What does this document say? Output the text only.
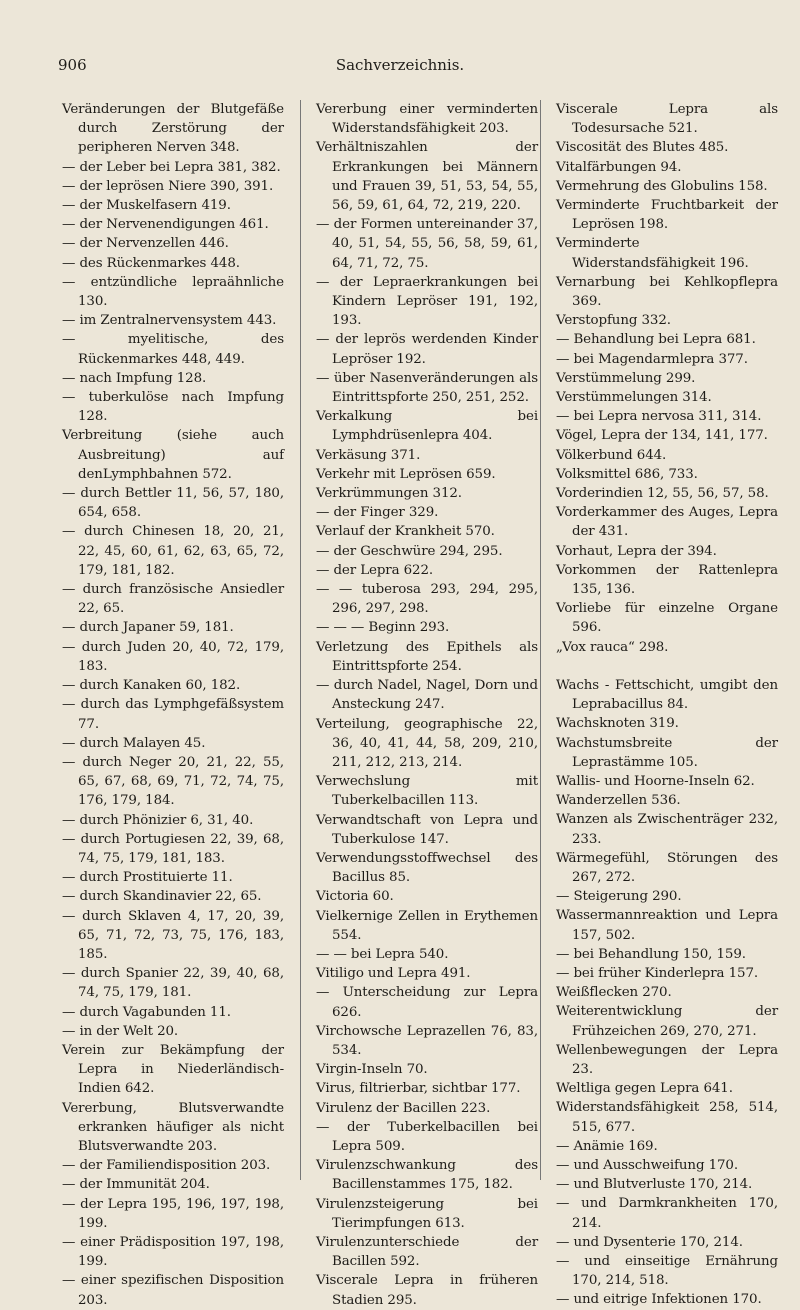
906	Sachverzeichnis.
Veränderungen der Blutgefäße durch Zerstörung der peripheren Nerven 348.
— der Leber bei Lepra 381, 382.
— der leprösen Niere 390, 391.
— der Muskelfasern 419.
— der Nervenendigungen 461.
— der Nervenzellen 446.
— des Rückenmarkes 448.
— entzündliche lepraähnliche 130.
— im Zentralnervensystem 443.
— myelitische, des Rückenmarkes 448, 449.
— nach Impfung 128.
— tuberkulöse nach Impfung 128.
Verbreitung (siehe auch Ausbreitung) auf denLymphbahnen 572.
— durch Bettler 11, 56, 57, 180, 654, 658.
— durch Chinesen 18, 20, 21, 22, 45, 60, 61, 62, 63, 65, 72, 179, 181, 182.
— durch französische Ansiedler 22, 65.
— durch Japaner 59, 181.
— durch Juden 20, 40, 72, 179, 183.
— durch Kanaken 60, 182.
— durch das Lymphgefäßsystem 77.
— durch Malayen 45.
— durch Neger 20, 21, 22, 55, 65, 67, 68, 69, 71, 72, 74, 75, 176, 179, 184.
— durch Phönizier 6, 31, 40.
— durch Portugiesen 22, 39, 68, 74, 75, 179, 181, 183.
— durch Prostituierte 11.
— durch Skandinavier 22, 65.
— durch Sklaven 4, 17, 20, 39, 65, 71, 72, 73, 75, 176, 183, 185.
— durch Spanier 22, 39, 40, 68, 74, 75, 179, 181.
— durch Vagabunden 11.
— in der Welt 20.
Verein zur Bekämpfung der Lepra in Niederländisch-Indien 642.
Vererbung, Blutsverwandte erkranken häufiger als nicht Blutsverwandte 203.
— der Familiendisposition 203.
— der Immunität 204.
— der Lepra 195, 196, 197, 198, 199.
— einer Prädisposition 197, 198, 199.
— einer spezifischen Disposition 203.
Vererbung einer verminderten Widerstandsfähigkeit 203.
Verhältniszahlen der Erkrankungen bei Männern und Frauen 39, 51, 53, 54, 55, 56, 59, 61, 64, 72, 219, 220.
— der Formen untereinander 37, 40, 51, 54, 55, 56, 58, 59, 61, 64, 71, 72, 75.
— der Lepraerkrankungen bei Kindern Lepröser 191, 192, 193.
— der leprös werdenden Kinder Lepröser 192.
— über Nasenveränderungen als Eintrittspforte 250, 251, 252.
Verkalkung bei Lymphdrüsenlepra 404.
Verkäsung 371.
Verkehr mit Leprösen 659.
Verkrümmungen 312.
— der Finger 329.
Verlauf der Krankheit 570.
— der Geschwüre 294, 295.
— der Lepra 622.
— — tuberosa 293, 294, 295, 296, 297, 298.
— — — Beginn 293.
Verletzung des Epithels als Eintrittspforte 254.
— durch Nadel, Nagel, Dorn und Ansteckung 247.
Verteilung, geographische 22, 36, 40, 41, 44, 58, 209, 210, 211, 212, 213, 214.
Verwechslung mit Tuberkelbacillen 113.
Verwandtschaft von Lepra und Tuberkulose 147.
Verwendungsstoffwechsel des Bacillus 85.
Victoria 60.
Vielkernige Zellen in Erythemen 554.
— — bei Lepra 540.
Vitiligo und Lepra 491.
— Unterscheidung zur Lepra 626.
Virchowsche Leprazellen 76, 83, 534.
Virgin-Inseln 70.
Virus, filtrierbar, sichtbar 177.
Virulenz der Bacillen 223.
— der Tuberkelbacillen bei Lepra 509.
Virulenzschwankung des Bacillenstammes 175, 182.
Virulenzsteigerung bei Tierimpfungen 613.
Virulenzunterschiede der Bacillen 592.
Viscerale Lepra in früheren Stadien 295.
Viscerale Lepra als Todesursache 521.
Viscosität des Blutes 485.
Vitalfärbungen 94.
Vermehrung des Globulins 158.
Verminderte Fruchtbarkeit der Leprösen 198.
Verminderte Widerstandsfähigkeit 196.
Vernarbung bei Kehlkopflepra 369.
Verstopfung 332.
— Behandlung bei Lepra 681.
— bei Magendarmlepra 377.
Verstümmelung 299.
Verstümmelungen 314.
— bei Lepra nervosa 311, 314.
Vögel, Lepra der 134, 141, 177.
Völkerbund 644.
Volksmittel 686, 733.
Vorderindien 12, 55, 56, 57, 58.
Vorderkammer des Auges, Lepra der 431.
Vorhaut, Lepra der 394.
Vorkommen der Rattenlepra 135, 136.
Vorliebe für einzelne Organe 596.
„Vox rauca“ 298.
Wachs - Fettschicht, umgibt den Leprabacillus 84.
Wachsknoten 319.
Wachstumsbreite der Leprastämme 105.
Wallis- und Hoorne-Inseln 62.
Wanderzellen 536.
Wanzen als Zwischenträger 232, 233.
Wärmegefühl, Störungen des 267, 272.
— Steigerung 290.
Wassermannreaktion und Lepra 157, 502.
— bei Behandlung 150, 159.
— bei früher Kinderlepra 157.
Weißflecken 270.
Weiterentwicklung der Frühzeichen 269, 270, 271.
Wellenbewegungen der Lepra 23.
Weltliga gegen Lepra 641.
Widerstandsfähigkeit 258, 514, 515, 677.
— Anämie 169.
— und Ausschweifung 170.
— und Blutverluste 170, 214.
— und Darmkrankheiten 170, 214.
— und Dysenterie 170, 214.
— und einseitige Ernährung 170, 214, 518.
— und eitrige Infektionen 170.
